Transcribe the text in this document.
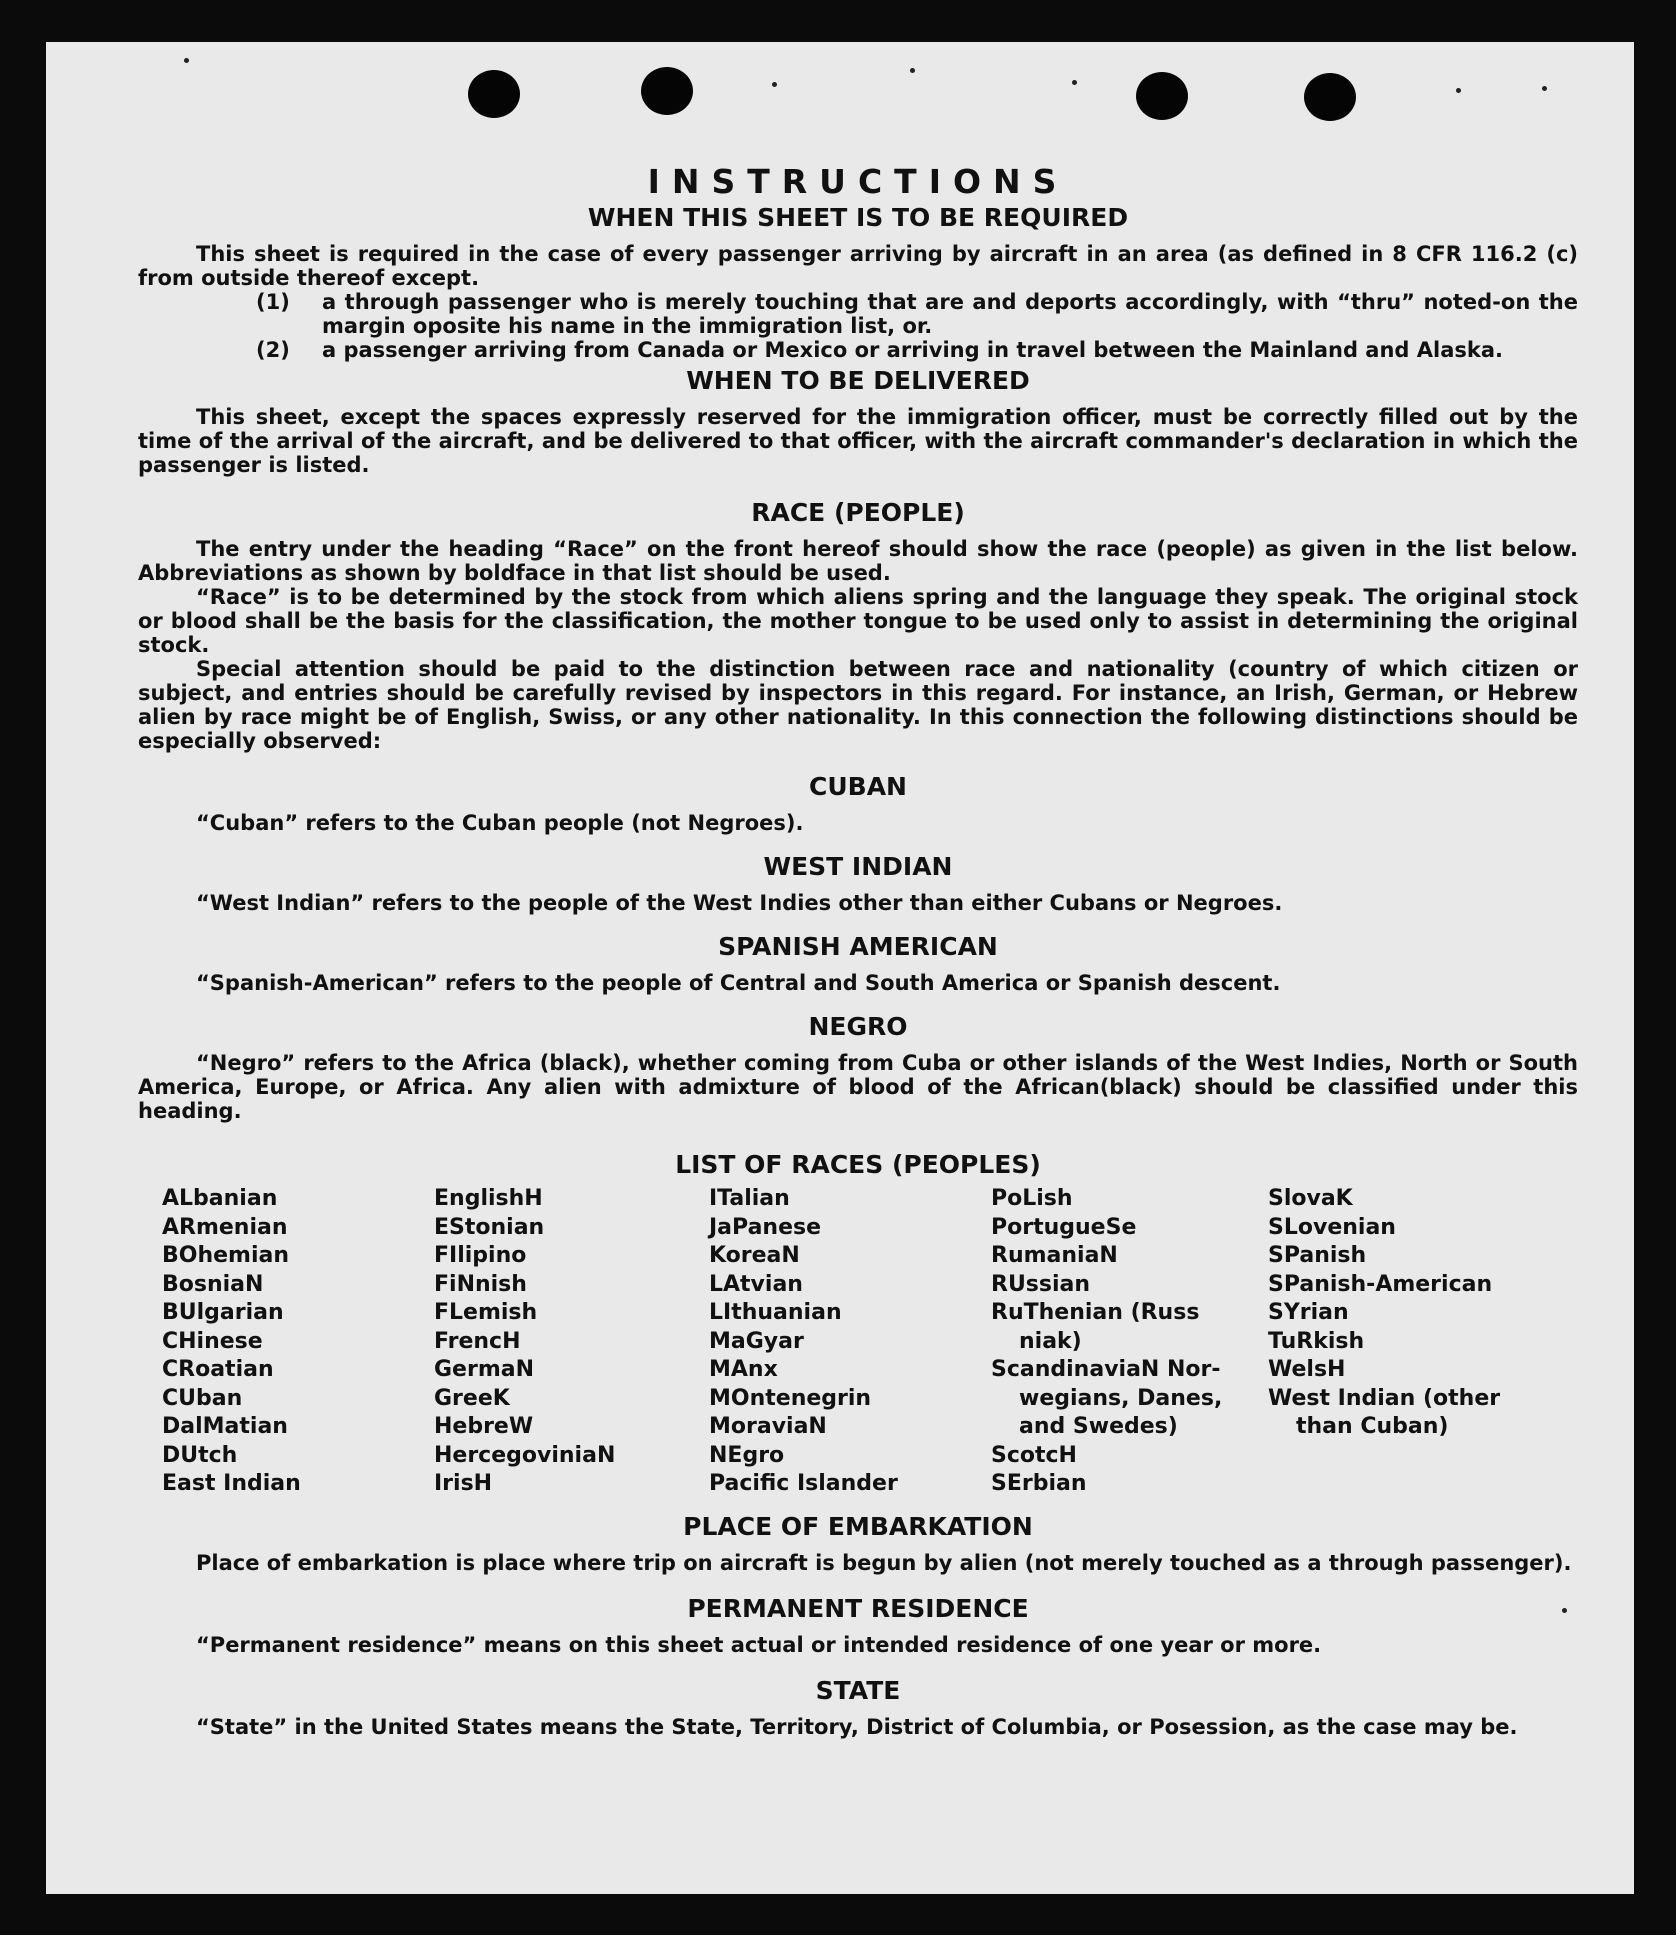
INSTRUCTIONS

WHEN THIS SHEET IS TO BE REQUIRED

This sheet is required in the case of every passenger arriving by aircraft in an area (as defined in 8 CFR 116.2 (c) from outside thereof except.

(1)	a through passenger who is merely touching that are and deports accordingly, with “thru” noted-on the margin oposite his name in the immigration list, or.
(2)	a passenger arriving from Canada or Mexico or arriving in travel between the Mainland and Alaska.

WHEN TO BE DELIVERED

This sheet, except the spaces expressly reserved for the immigration officer, must be correctly filled out by the time of the arrival of the aircraft, and be delivered to that officer, with the aircraft commander's declaration in which the passenger is listed.

RACE (PEOPLE)

The entry under the heading “Race” on the front hereof should show the race (people) as given in the list below. Abbreviations as shown by boldface in that list should be used.

“Race” is to be determined by the stock from which aliens spring and the language they speak. The original stock or blood shall be the basis for the classification, the mother tongue to be used only to assist in determining the original stock.

Special attention should be paid to the distinction between race and nationality (country of which citizen or subject, and entries should be carefully revised by inspectors in this regard. For instance, an Irish, German, or Hebrew alien by race might be of English, Swiss, or any other nationality. In this connection the following distinctions should be especially observed:

CUBAN

“Cuban” refers to the Cuban people (not Negroes).

WEST INDIAN

“West Indian” refers to the people of the West Indies other than either Cubans or Negroes.

SPANISH AMERICAN

“Spanish-American” refers to the people of Central and South America or Spanish descent.

NEGRO

“Negro” refers to the Africa (black), whether coming from Cuba or other islands of the West Indies, North or South America, Europe, or Africa. Any alien with admixture of blood of the African(black) should be classified under this heading.

LIST OF RACES (PEOPLES)

ALbanian
ARmenian
BOhemian
BosniaN
BUlgarian
CHinese
CRoatian
CUban
DalMatian
DUtch
East Indian
EnglishH
EStonian
FIlipino
FiNnish
FLemish
FrencH
GermaN
GreeK
HebreW
HercegoviniaN
IrisH
ITalian
JaPanese
KoreaN
LAtvian
LIthuanian
MaGyar
MAnx
MOntenegrin
MoraviaN
NEgro
Pacific Islander
PoLish
PortugueSe
RumaniaN
RUssian
RuThenian (Russ
niak)
ScandinaviaN Nor-
wegians, Danes,
and Swedes)
ScotcH
SErbian
SlovaK
SLovenian
SPanish
SPanish-American
SYrian
TuRkish
WelsH
West Indian (other
than Cuban)

PLACE OF EMBARKATION

Place of embarkation is place where trip on aircraft is begun by alien (not merely touched as a through passenger).

PERMANENT RESIDENCE

“Permanent residence” means on this sheet actual or intended residence of one year or more.

STATE

“State” in the United States means the State, Territory, District of Columbia, or Posession, as the case may be.
